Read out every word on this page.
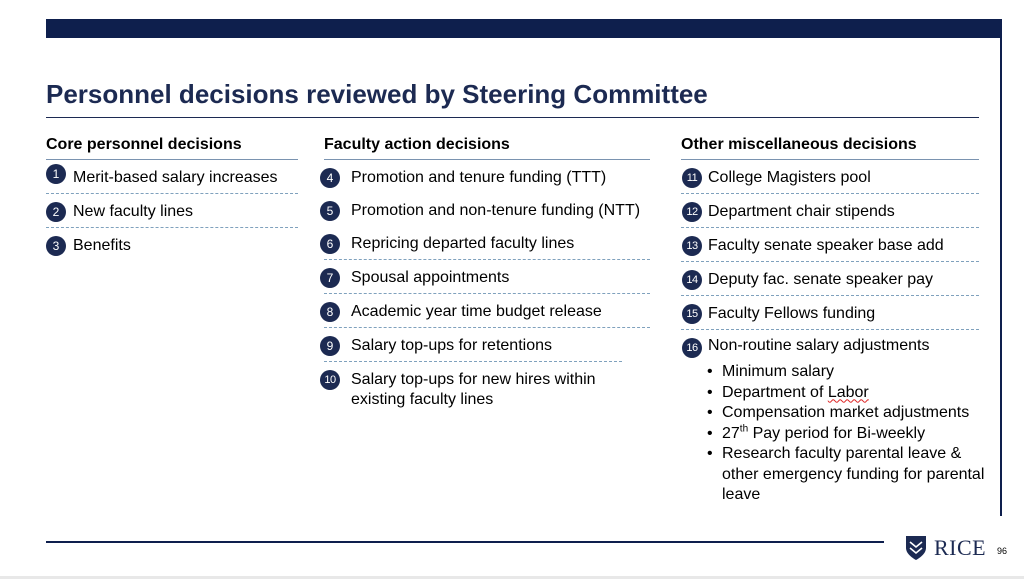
Personnel decisions reviewed by Steering Committee
Core personnel decisions
1 Merit-based salary increases
2 New faculty lines
3 Benefits
Faculty action decisions
4	Promotion and tenure funding (TTT)
5	Promotion and non-tenure funding (NTT)
6	Repricing departed faculty lines
7	Spousal appointments
8	Academic year time budget release
9	Salary top-ups for retentions
10 Salary top-ups for new hires within existing faculty lines
Other miscellaneous decisions
11 College Magisters pool
12 Department chair stipends
13 Faculty senate speaker base add
14 Deputy fac. senate speaker pay
15 Faculty Fellows funding
16 Non-routine salary adjustments
• Minimum salary
• Department of Labor
• Compensation market adjustments
• 27th Pay period for Bi-weekly
• Research faculty parental leave & other emergency funding for parental leave
RICE 96
